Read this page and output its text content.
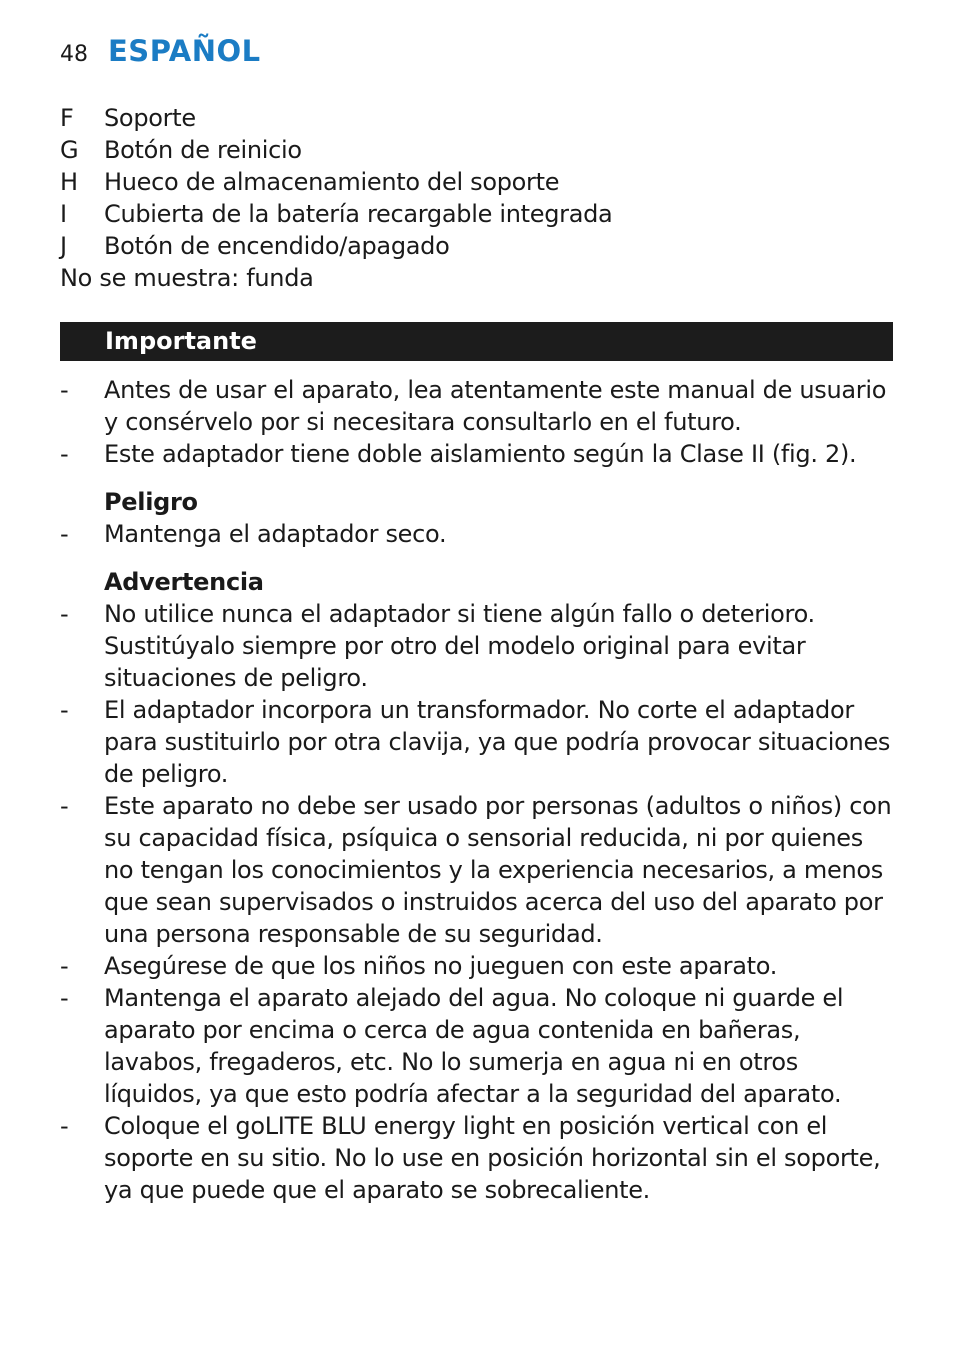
48 ESPAÑOL
F	Soporte
G	Botón de reinicio
H	Hueco de almacenamiento del soporte
I	Cubierta de la batería recargable integrada
J	Botón de encendido/apagado
No se muestra: funda
Importante
-	Antes de usar el aparato, lea atentamente este manual de usuario y consérvelo por si necesitara consultarlo en el futuro.
-	Este adaptador tiene doble aislamiento según la Clase II (fig. 2).
Peligro
-	Mantenga el adaptador seco.
Advertencia
-	No utilice nunca el adaptador si tiene algún fallo o deterioro. Sustitúyalo siempre por otro del modelo original para evitar situaciones de peligro.
-	El adaptador incorpora un transformador. No corte el adaptador para sustituirlo por otra clavija, ya que podría provocar situaciones de peligro.
-	Este aparato no debe ser usado por personas (adultos o niños) con su capacidad física, psíquica o sensorial reducida, ni por quienes no tengan los conocimientos y la experiencia necesarios, a menos que sean supervisados o instruidos acerca del uso del aparato por una persona responsable de su seguridad.
-	Asegúrese de que los niños no jueguen con este aparato.
-	Mantenga el aparato alejado del agua. No coloque ni guarde el aparato por encima o cerca de agua contenida en bañeras, lavabos, fregaderos, etc. No lo sumerja en agua ni en otros líquidos, ya que esto podría afectar a la seguridad del aparato.
-	Coloque el goLITE BLU energy light en posición vertical con el soporte en su sitio. No lo use en posición horizontal sin el soporte, ya que puede que el aparato se sobrecaliente.
